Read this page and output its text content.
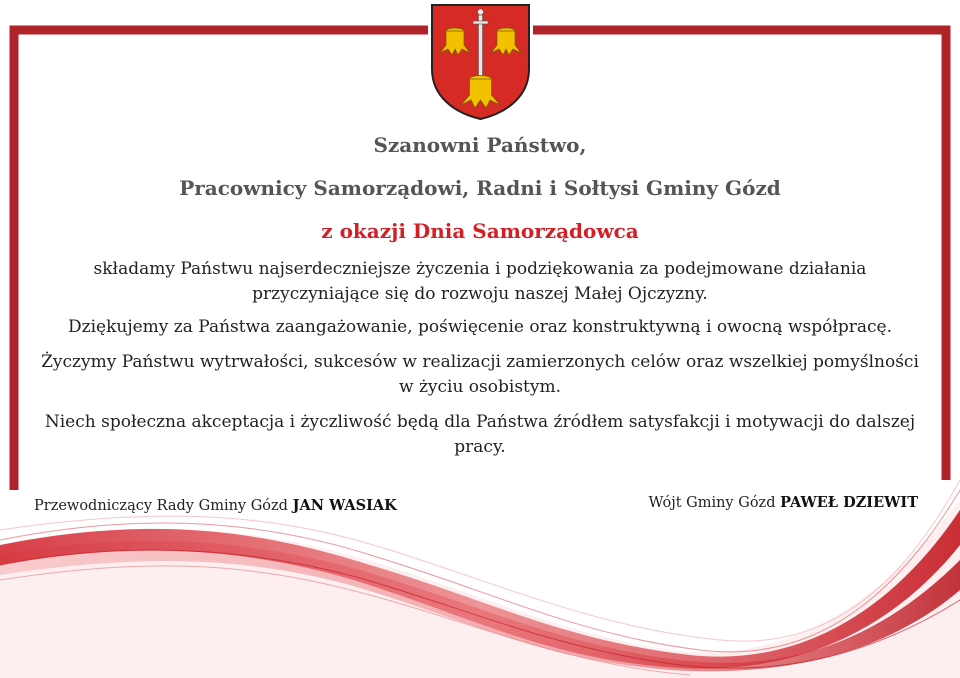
Szanowni Państwo,

Pracownicy Samorządowi, Radni i Sołtysi Gminy Gózd

z okazji Dnia Samorządowca

składamy Państwu najserdeczniejsze życzenia i podziękowania za podejmowane działania przyczyniające się do rozwoju naszej Małej Ojczyzny.

Dziękujemy za Państwa zaangażowanie, poświęcenie oraz konstruktywną i owocną współpracę.

Życzymy Państwu wytrwałości, sukcesów w realizacji zamierzonych celów oraz wszelkiej pomyślności w życiu osobistym.

Niech społeczna akceptacja i życzliwość będą dla Państwa źródłem satysfakcji i motywacji do dalszej pracy.

Przewodniczący Rady Gminy Gózd JAN WASIAK	Wójt Gminy Gózd PAWEŁ DZIEWIT
